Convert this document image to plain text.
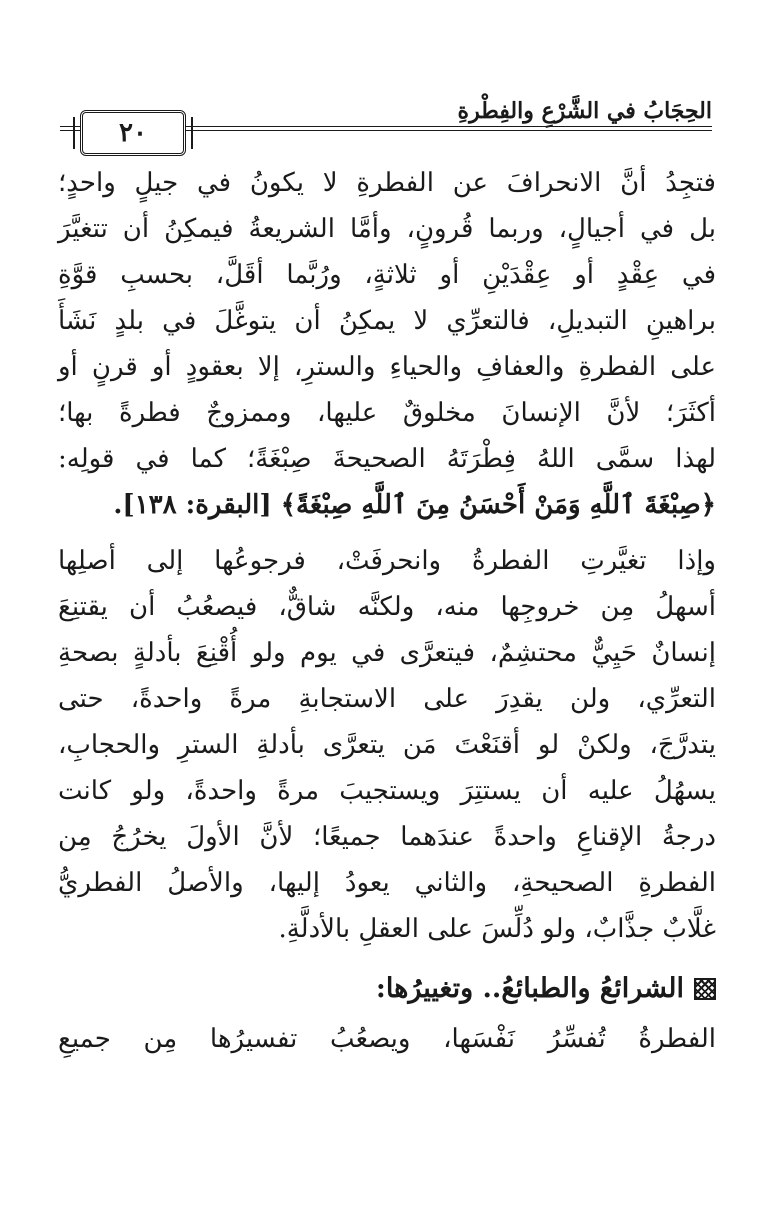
٢٠
الحِجَابُ في الشَّرْعِ والفِطْرةِ
فتجِدُ أنَّ الانحرافَ عن الفطرةِ لا يكونُ في جيلٍ واحدٍ؛
بل في أجيالٍ، وربما قُرونٍ، وأمَّا الشريعةُ فيمكِنُ أن تتغيَّرَ
في عِقْدٍ أو عِقْدَيْنِ أو ثلاثةٍ، ورُبَّما أقَلَّ، بحسبِ قوَّةِ
براهينِ التبديلِ، فالتعرِّي لا يمكِنُ أن يتوغَّلَ في بلدٍ نَشَأَ
على الفطرةِ والعفافِ والحياءِ والسترِ، إلا بعقودٍ أو قرنٍ أو
أكثَرَ؛ لأنَّ الإنسانَ مخلوقٌ عليها، وممزوجٌ فطرةً بها؛
لهذا سمَّى اللهُ فِطْرَتَهُ الصحيحةَ صِبْغَةً؛ كما في قولِه:
﴿صِبْغَةَ ٱللَّهِ وَمَنْ أَحْسَنُ مِنَ ٱللَّهِ صِبْغَةً﴾ [البقرة: ١٣٨].
وإذا تغيَّرتِ الفطرةُ وانحرفَتْ، فرجوعُها إلى أصلِها
أسهلُ مِن خروجِها منه، ولكنَّه شاقٌّ، فيصعُبُ أن يقتنِعَ
إنسانٌ حَيِيٌّ محتشِمٌ، فيتعرَّى في يوم ولو أُقْنِعَ بأدلةٍ بصحةِ
التعرِّي، ولن يقدِرَ على الاستجابةِ مرةً واحدةً، حتى
يتدرَّجَ، ولكنْ لو أقنَعْتَ مَن يتعرَّى بأدلةِ السترِ والحجابِ،
يسهُلُ عليه أن يستتِرَ ويستجيبَ مرةً واحدةً، ولو كانت
درجةُ الإقناعِ واحدةً عندَهما جميعًا؛ لأنَّ الأولَ يخرُجُ مِن
الفطرةِ الصحيحةِ، والثاني يعودُ إليها، والأصلُ الفطريُّ
غلَّابٌ جذَّابٌ، ولو دُلِّسَ على العقلِ بالأدلَّةِ.
الشرائعُ والطبائعُ.. وتغييرُها:
الفطرةُ تُفسِّرُ نَفْسَها، ويصعُبُ تفسيرُها مِن جميعِ
